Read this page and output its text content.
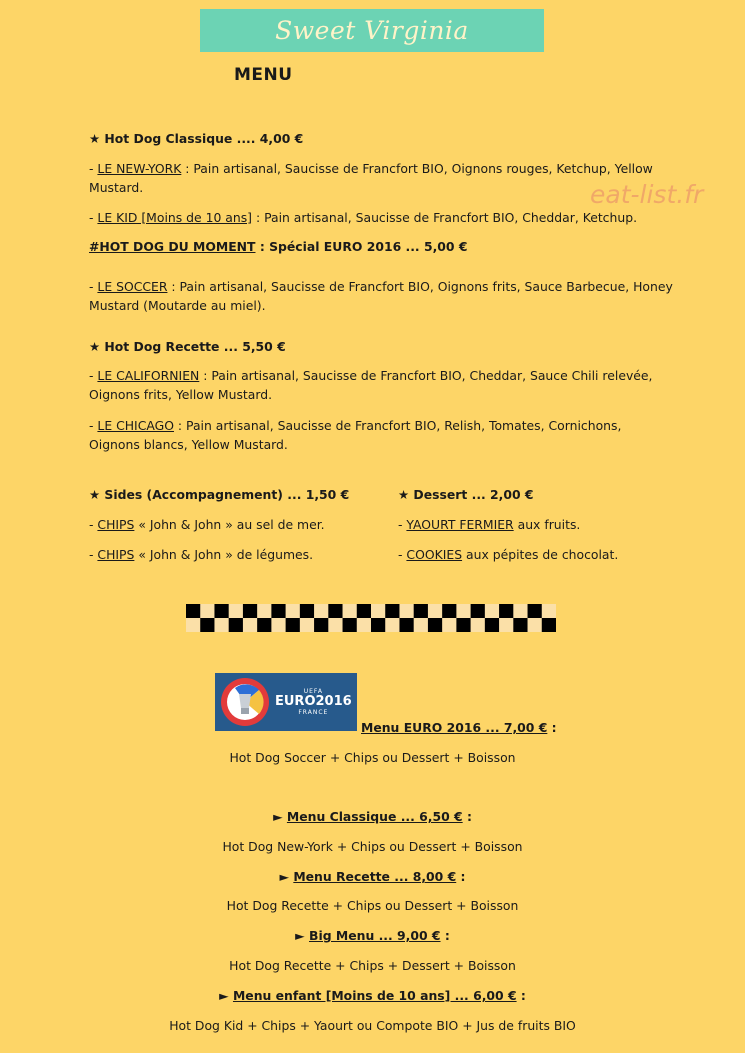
Sweet Virginia
MENU
eat-list.fr
★ Hot Dog Classique .... 4,00 €
- LE NEW-YORK : Pain artisanal, Saucisse de Francfort BIO, Oignons rouges, Ketchup, Yellow
Mustard.
- LE KID [Moins de 10 ans] : Pain artisanal, Saucisse de Francfort BIO, Cheddar, Ketchup.
#HOT DOG DU MOMENT : Spécial EURO 2016 ... 5,00 €
- LE SOCCER : Pain artisanal, Saucisse de Francfort BIO, Oignons frits, Sauce Barbecue, Honey
Mustard (Moutarde au miel).
★ Hot Dog Recette ... 5,50 €
- LE CALIFORNIEN : Pain artisanal, Saucisse de Francfort BIO, Cheddar, Sauce Chili relevée,
Oignons frits, Yellow Mustard.
- LE CHICAGO : Pain artisanal, Saucisse de Francfort BIO, Relish, Tomates, Cornichons,
Oignons blancs, Yellow Mustard.
★ Sides (Accompagnement) ... 1,50 €
- CHIPS « John & John » au sel de mer.
- CHIPS « John & John » de légumes.
★ Dessert ... 2,00 €
- YAOURT FERMIER aux fruits.
- COOKIES aux pépites de chocolat.
UEFA
EURO2016
FRANCE
Menu EURO 2016 ... 7,00 € :
Hot Dog Soccer + Chips ou Dessert + Boisson
► Menu Classique ... 6,50 € :
Hot Dog New-York + Chips ou Dessert + Boisson
► Menu Recette ... 8,00 € :
Hot Dog Recette + Chips ou Dessert + Boisson
► Big Menu ... 9,00 € :
Hot Dog Recette + Chips + Dessert + Boisson
► Menu enfant [Moins de 10 ans] ... 6,00 € :
Hot Dog Kid + Chips + Yaourt ou Compote BIO + Jus de fruits BIO
